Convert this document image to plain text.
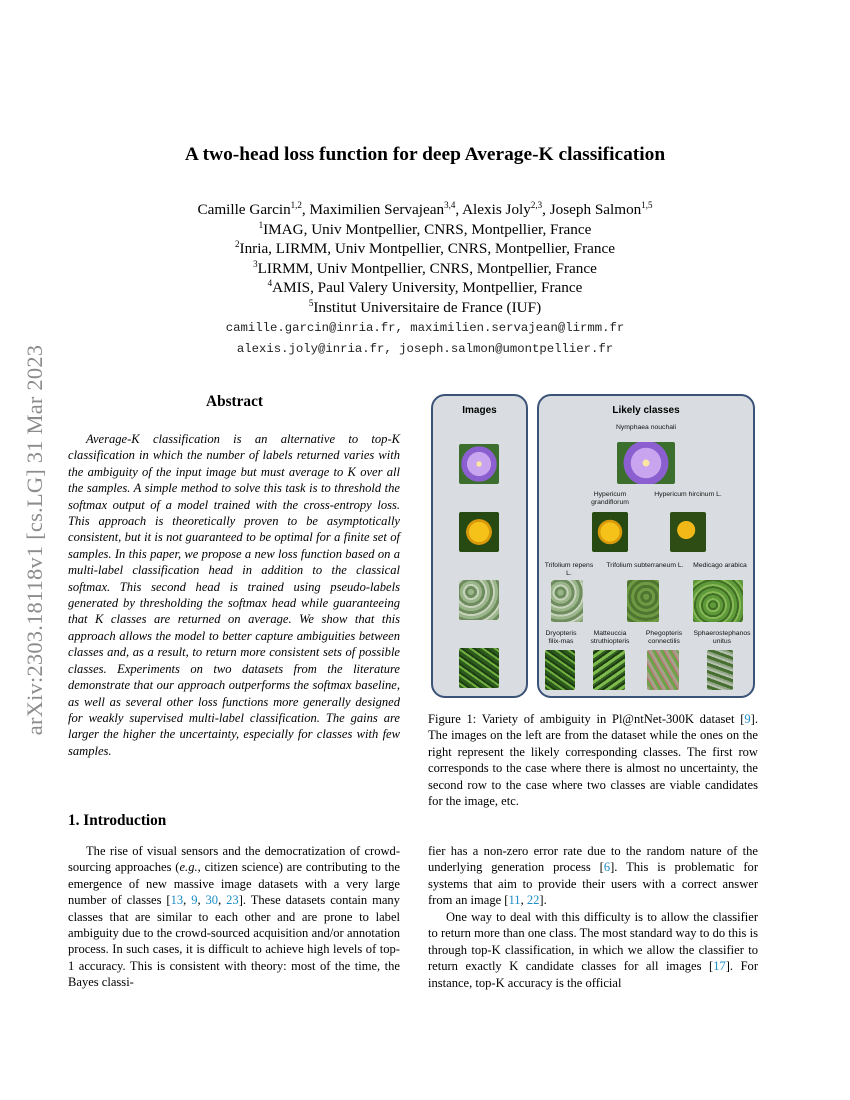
arXiv:2303.18118v1 [cs.LG] 31 Mar 2023
A two-head loss function for deep Average-K classification
Camille Garcin$^{1,2}$, Maximilien Servajean$^{3,4}$, Alexis Joly$^{2,3}$, Joseph Salmon$^{1,5}$
$^1$IMAG, Univ Montpellier, CNRS, Montpellier, France
$^2$Inria, LIRMM, Univ Montpellier, CNRS, Montpellier, France
$^3$LIRMM, Univ Montpellier, CNRS, Montpellier, France
$^4$AMIS, Paul Valery University, Montpellier, France
$^5$Institut Universitaire de France (IUF)
camille.garcin@inria.fr, maximilien.servajean@lirmm.fr
alexis.joly@inria.fr, joseph.salmon@umontpellier.fr
Abstract
Average-K classification is an alternative to top-K classification in which the number of labels returned varies with the ambiguity of the input image but must average to K over all the samples. A simple method to solve this task is to threshold the softmax output of a model trained with the cross-entropy loss. This approach is theoretically proven to be asymptotically consistent, but it is not guaranteed to be optimal for a finite set of samples. In this paper, we propose a new loss function based on a multi-label classification head in addition to the classical softmax. This second head is trained using pseudo-labels generated by thresholding the softmax head while guaranteeing that K classes are returned on average. We show that this approach allows the model to better capture ambiguities between classes and, as a result, to return more consistent sets of possible classes. Experiments on two datasets from the literature demonstrate that our approach outperforms the softmax baseline, as well as several other loss functions more generally designed for weakly supervised multi-label classification. The gains are larger the higher the uncertainty, especially for classes with few samples.
1. Introduction
The rise of visual sensors and the democratization of crowd-sourcing approaches (e.g., citizen science) are contributing to the emergence of new massive image datasets with a very large number of classes [13, 9, 30, 23]. These datasets contain many classes that are similar to each other and are prone to label ambiguity due to the crowd-sourced acquisition and/or annotation process. In such cases, it is difficult to achieve high levels of top-1 accuracy. This is consistent with theory: most of the time, the Bayes classi-
fier has a non-zero error rate due to the random nature of the underlying generation process [6]. This is problematic for systems that aim to provide their users with a correct answer from an image [11, 22].
One way to deal with this difficulty is to allow the classifier to return more than one class. The most standard way to do this is through top-K classification, in which we allow the classifier to return exactly K candidate classes for all images [17]. For instance, top-K accuracy is the official
Images	Likely classes
Nymphaea nouchali
Hypericum grandiflorum
Hypericum hircinum L.
Trifolium repens L.
Trifolium subterraneum L.	Medicago arabica
Dryopteris filix-mas
Matteuccia struthiopteris
Phegopteris connectilis
Sphaerostephanos unitus
Figure 1: Variety of ambiguity in Pl@ntNet-300K dataset [9]. The images on the left are from the dataset while the ones on the right represent the likely corresponding classes. The first row corresponds to the case where there is almost no uncertainty, the second row to the case where two classes are viable candidates for the image, etc.
